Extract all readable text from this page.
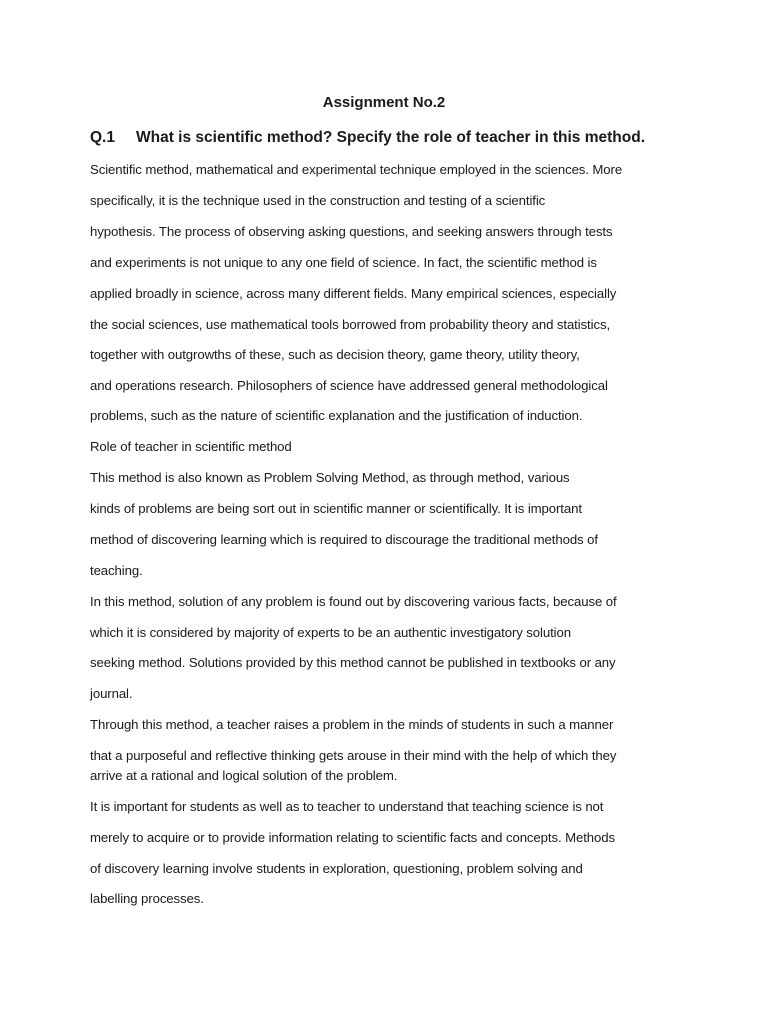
Assignment No.2
Q.1 What is scientific method? Specify the role of teacher in this method.
Scientific method, mathematical and experimental technique employed in the sciences. More
specifically, it is the technique used in the construction and testing of a scientific
hypothesis. The process of observing asking questions, and seeking answers through tests
and experiments is not unique to any one field of science. In fact, the scientific method is
applied broadly in science, across many different fields. Many empirical sciences, especially
the social sciences, use mathematical tools borrowed from probability theory and statistics,
together with outgrowths of these, such as decision theory, game theory, utility theory,
and operations research. Philosophers of science have addressed general methodological
problems, such as the nature of scientific explanation and the justification of induction.
Role of teacher in scientific method
This method is also known as Problem Solving Method, as through method, various
kinds of problems are being sort out in scientific manner or scientifically. It is important
method of discovering learning which is required to discourage the traditional methods of
teaching.
In this method, solution of any problem is found out by discovering various facts, because of
which it is considered by majority of experts to be an authentic investigatory solution
seeking method. Solutions provided by this method cannot be published in textbooks or any
journal.
Through this method, a teacher raises a problem in the minds of students in such a manner
that a purposeful and reflective thinking gets arouse in their mind with the help of which they
arrive at a rational and logical solution of the problem.
It is important for students as well as to teacher to understand that teaching science is not
merely to acquire or to provide information relating to scientific facts and concepts. Methods
of discovery learning involve students in exploration, questioning, problem solving and
labelling processes.
